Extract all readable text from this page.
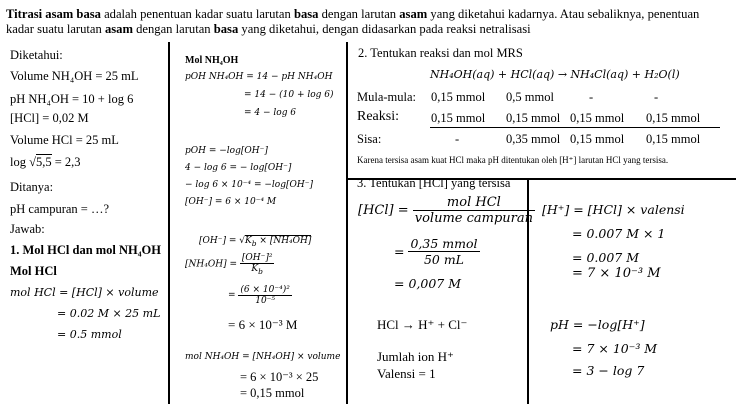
Titrasi asam basa adalah penentuan kadar suatu larutan basa dengan larutan asam yang diketahui kadarnya. Atau sebaliknya, penentuan kadar suatu larutan asam dengan larutan basa yang diketahui, dengan didasarkan pada reaksi netralisasi
Diketahui:
Volume NH₄OH = 25 mL
pH NH₄OH = 10 + log 6
[HCl] = 0,02 M
Volume HCl = 25 mL
log √5,5 = 2,3
Ditanya:
pH campuran = …?
Jawab:
1. Mol HCl dan mol NH₄OH
Mol HCl
mol HCl = [HCl] × volume
= 0.02 M × 25 mL
= 0.5 mmol
Mol NH₄OH
pOH NH₄OH = 14 − pH NH₄OH
= 14 − (10 + log 6)
= 4 − log 6
pOH = −log[OH⁻]
4 − log 6 = − log[OH⁻]
− log 6 × 10⁻⁴ = −log[OH⁻]
[OH⁻] = 6 × 10⁻⁴ M
$[OH^-] = √K_b \times [NH_4OH]$
$[NH_4OH] = \frac{\text{[OH⁻]²}}{K_b}$
= $\frac{\text{(6 × 10⁻⁴)²}}{\text{10⁻⁵}}$
= 6 × 10⁻³ M
mol NH₄OH = [NH₄OH] × volume
= 6 × 10⁻³ × 25
= 0,15 mmol
2. Tentukan reaksi dan mol MRS
NH₄OH(aq) + HCl(aq) → NH₄Cl(aq) + H₂O(l)
Mula-mula: 0,15 mmol 0,5 mmol	-	-
Reaksi:	0,15 mmol 0,15 mmol 0,15 mmol 0,15 mmol
Sisa:	-	0,35 mmol 0,15 mmol 0,15 mmol
Karena tersisa asam kuat HCl maka pH ditentukan oleh [H⁺] larutan HCl yang tersisa.
3. Tentukan [HCl] yang tersisa
$[HCl] = \frac{\text{mol HCl}}{\text{volume campuran}}$
= $\frac{\text{0,35 mmol}}{50 mL}$
= 0,007 M
HCl → H⁺ + Cl⁻
Jumlah ion H⁺
Valensi = 1
[H⁺] = [HCl] × valensi
= 0.007 M × 1
= 0.007 M
= 7 × 10⁻³ M
pH = −log[H⁺]
= 7 × 10⁻³ M
= 3 − log 7
